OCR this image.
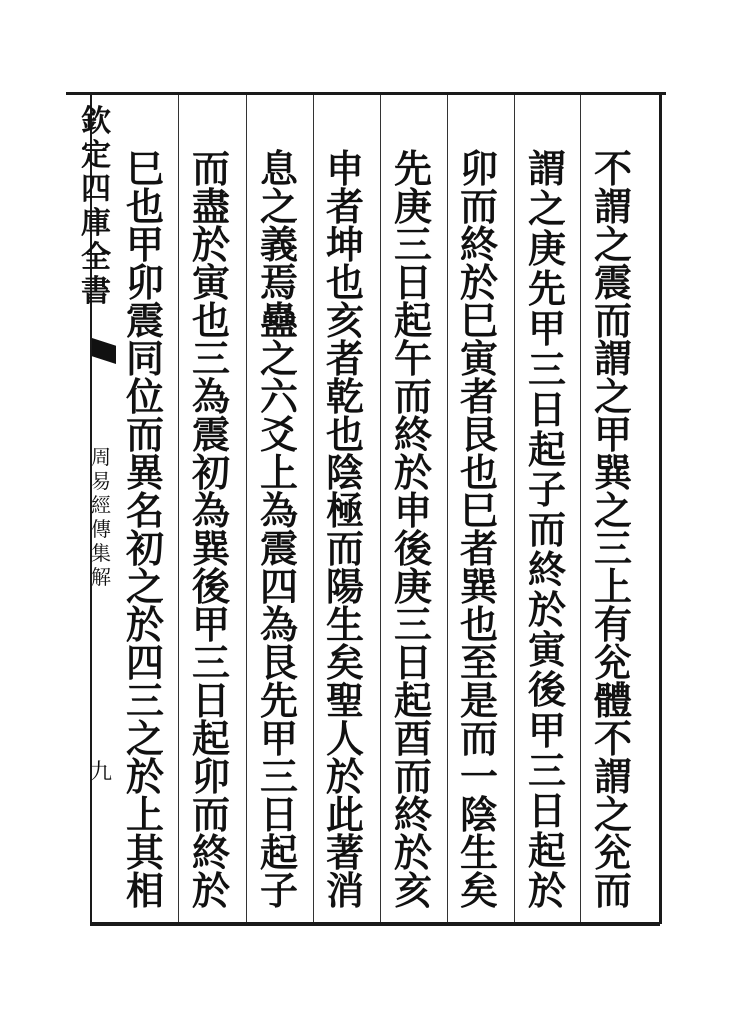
欽
定
四
庫
全
書
周
易
經
傳
集
解
九
不
謂
之
震
而
謂
之
甲
巽
之
三
上
有
兊
體
不
謂
之
兊
而
謂
之
庚
先
甲
三
日
起
子
而
終
於
寅
後
甲
三
日
起
於
卯
而
終
於
巳
寅
者
艮
也
巳
者
巽
也
至
是
而
一
陰
生
矣
先
庚
三
日
起
午
而
終
於
申
後
庚
三
日
起
酉
而
終
於
亥
申
者
坤
也
亥
者
乾
也
陰
極
而
陽
生
矣
聖
人
於
此
著
消
息
之
義
焉
蠱
之
六
爻
上
為
震
四
為
艮
先
甲
三
日
起
子
而
盡
於
寅
也
三
為
震
初
為
巽
後
甲
三
日
起
卯
而
終
於
巳
也
甲
卯
震
同
位
而
異
名
初
之
於
四
三
之
於
上
其
相
